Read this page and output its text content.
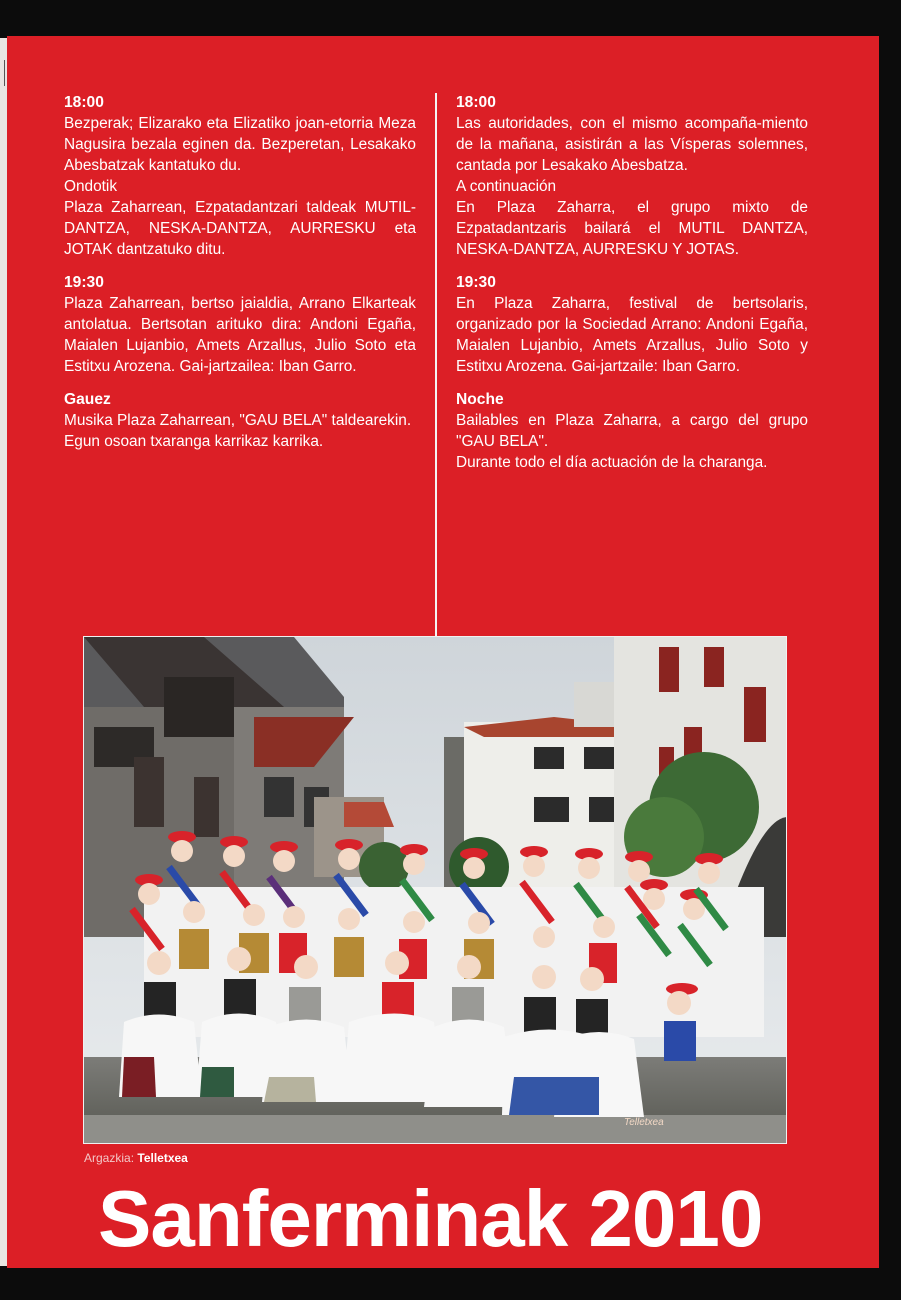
18:00

Bezperak; Elizarako eta Elizatiko joan-etorria Meza Nagusira bezala eginen da. Bezperetan, Lesakako Abesbatzak kantatuko du.

Ondotik

Plaza Zaharrean, Ezpatadantzari taldeak MUTIL-DANTZA, NESKA-DANTZA, AURRESKU eta JOTAK dantzatuko ditu.

19:30

Plaza Zaharrean, bertso jaialdia, Arrano Elkarteak antolatua. Bertsotan arituko dira: Andoni Egaña, Maialen Lujanbio, Amets Arzallus, Julio Soto eta Estitxu Arozena. Gai-jartzailea: Iban Garro.

Gauez

Musika Plaza Zaharrean, "GAU BELA" taldearekin.

Egun osoan txaranga karrikaz karrika.

18:00

Las autoridades, con el mismo acompaña-miento de la mañana, asistirán a las Vísperas solemnes, cantada por Lesakako Abesbatza.

A continuación

En Plaza Zaharra, el grupo mixto de Ezpatadantzaris bailará el MUTIL DANTZA, NESKA-DANTZA, AURRESKU Y JOTAS.

19:30

En Plaza Zaharra, festival de bertsolaris, organizado por la Sociedad Arrano: Andoni Egaña, Maialen Lujanbio, Amets Arzallus, Julio Soto y Estitxu Arozena. Gai-jartzaile: Iban Garro.

Noche

Bailables en Plaza Zaharra, a cargo del grupo "GAU BELA".

Durante todo el día actuación de la charanga.

Telletxea
Argazkia: Telletxea
Sanferminak 2010
